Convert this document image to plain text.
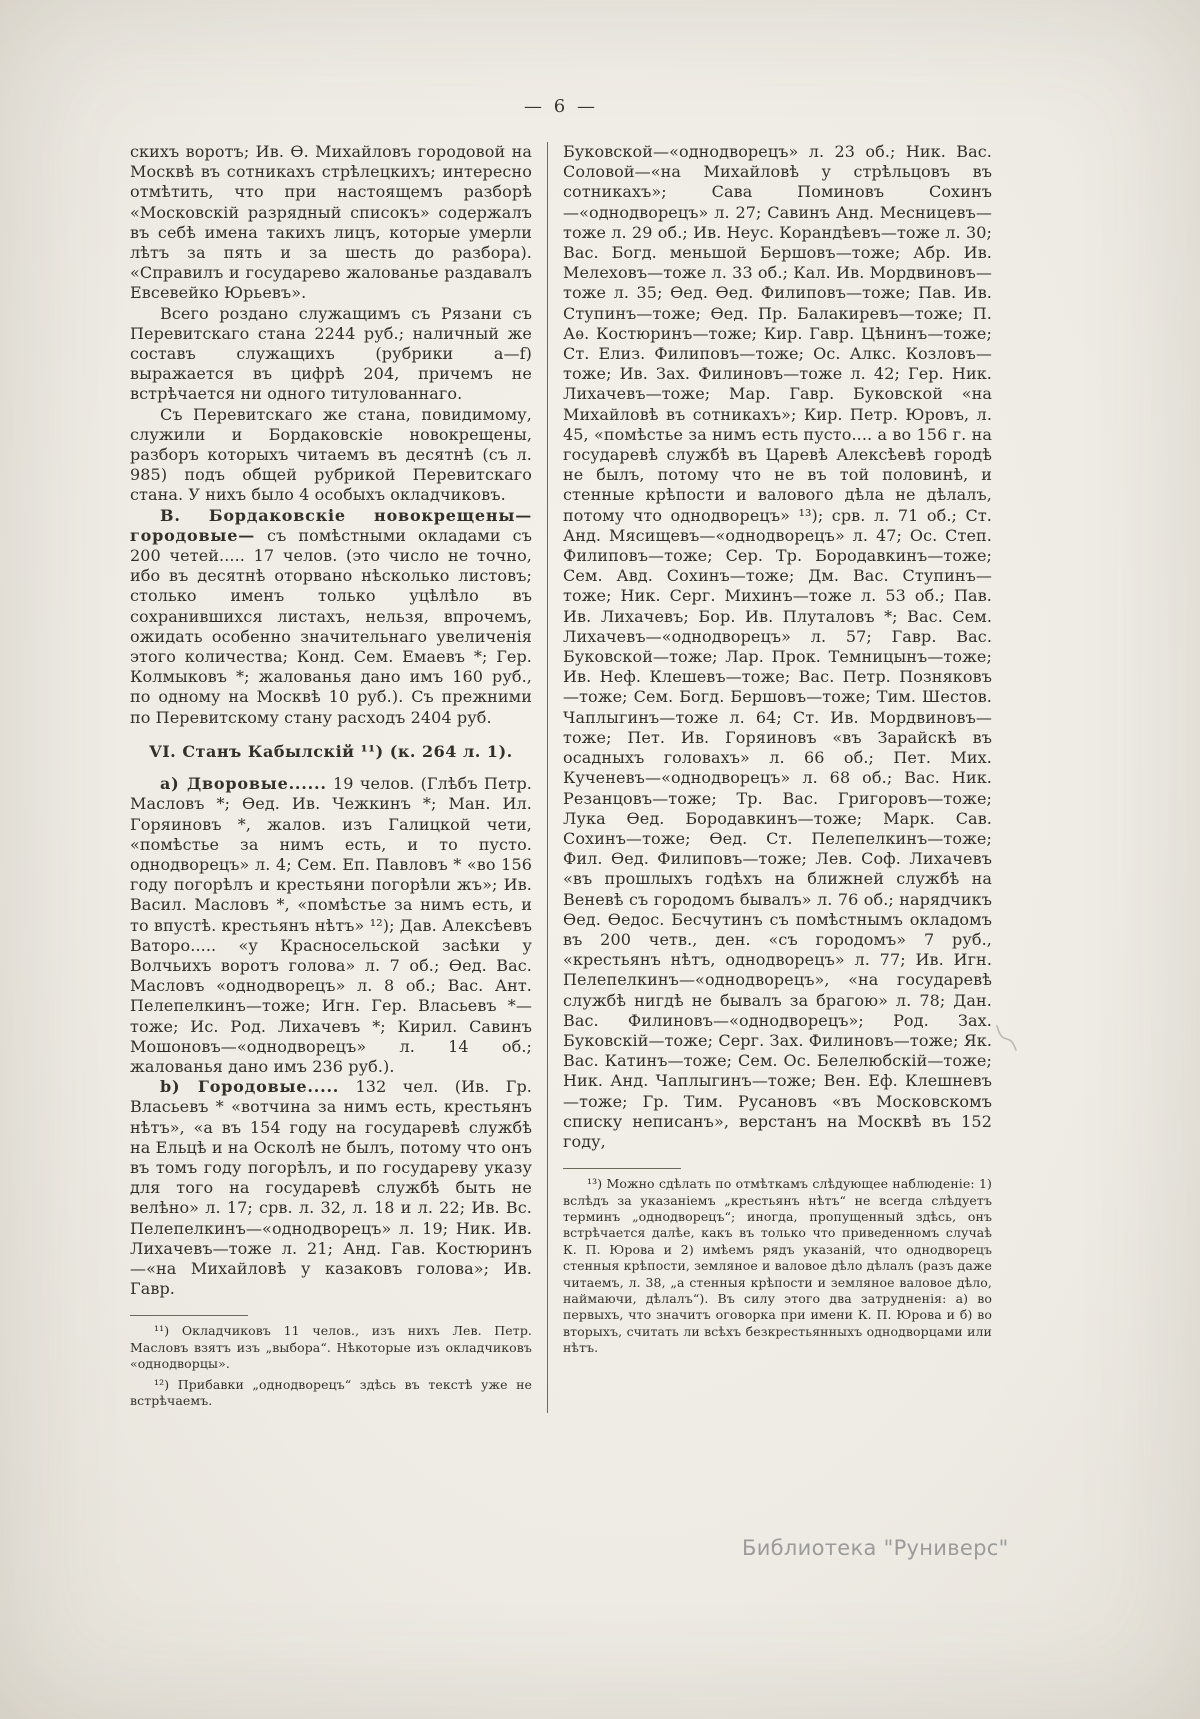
— 6 —

скихъ воротъ; Ив. Ѳ. Михайловъ городовой на Москвѣ въ сотникахъ стрѣлецкихъ; интересно отмѣтить, что при настоящемъ разборѣ «Московскій разрядный списокъ» содержалъ въ себѣ имена такихъ лицъ, которые умерли лѣтъ за пять и за шесть до разбора). «Справилъ и государево жалованье раздавалъ Евсевейко Юрьевъ».

Всего роздано служащимъ съ Рязани съ Перевитскаго стана 2244 руб.; наличный же составъ служащихъ (рубрики а—f) выражается въ цифрѣ 204, причемъ не встрѣчается ни одного титулованнаго.

Съ Перевитскаго же стана, повидимому, служили и Бордаковскіе новокрещены, разборъ которыхъ читаемъ въ десятнѣ (съ л. 985) подъ общей рубрикой Перевитскаго стана. У нихъ было 4 особыхъ окладчиковъ.

В. Бордаковскіе новокрещены—городовые— съ помѣстными окладами съ 200 четей..... 17 челов. (это число не точно, ибо въ десятнѣ оторвано нѣсколько листовъ; столько именъ только уцѣлѣло въ сохранившихся листахъ, нельзя, впрочемъ, ожидать особенно значительнаго увеличенія этого количества; Конд. Сем. Емаевъ *; Гер. Колмыковъ *; жалованья дано имъ 160 руб., по одному на Москвѣ 10 руб.). Съ прежними по Перевитскому стану расходъ 2404 руб.

VI. Станъ Кабылскій ¹¹) (к. 264 л. 1).

а) Дворовые...... 19 челов. (Глѣбъ Петр. Масловъ *; Ѳед. Ив. Чежкинъ *; Ман. Ил. Горяиновъ *, жалов. изъ Галицкой чети, «помѣстье за нимъ есть, и то пусто. однодворецъ» л. 4; Сем. Еп. Павловъ * «во 156 году погорѣлъ и крестьяни погорѣли жъ»; Ив. Васил. Масловъ *, «помѣстье за нимъ есть, и то впустѣ. крестьянъ нѣтъ» ¹²); Дав. Алексѣевъ Ваторо..... «у Красносельской засѣки у Волчьихъ воротъ голова» л. 7 об.; Ѳед. Вас. Масловъ «однодворецъ» л. 8 об.; Вас. Ант. Пелепелкинъ—тоже; Игн. Гер. Власьевъ *—тоже; Ис. Род. Лихачевъ *; Кирил. Савинъ Мошоновъ—«однодворецъ» л. 14 об.; жалованья дано имъ 236 руб.).

b) Городовые..... 132 чел. (Ив. Гр. Власьевъ * «вотчина за нимъ есть, крестьянъ нѣтъ», «а въ 154 году на государевѣ службѣ на Ельцѣ и на Осколѣ не былъ, потому что онъ въ томъ году погорѣлъ, и по государеву указу для того на государевѣ службѣ быть не велѣно» л. 17; срв. л. 32, л. 18 и л. 22; Ив. Вс. Пелепелкинъ—«однодворецъ» л. 19; Ник. Ив. Лихачевъ—тоже л. 21; Анд. Гав. Костюринъ—«на Михайловѣ у казаковъ голова»; Ив. Гавр.

¹¹) Окладчиковъ 11 челов., изъ нихъ Лев. Петр. Масловъ взятъ изъ „выбора“. Нѣкоторые изъ окладчиковъ «однодворцы».

¹²) Прибавки „однодворецъ“ здѣсь въ текстѣ уже не встрѣчаемъ.

Буковской—«однодворецъ» л. 23 об.; Ник. Вас. Соловой—«на Михайловѣ у стрѣльцовъ въ сотникахъ»; Сава Поминовъ Сохинъ—«однодворецъ» л. 27; Савинъ Анд. Месницевъ—тоже л. 29 об.; Ив. Неус. Корандѣевъ—тоже л. 30; Вас. Богд. меньшой Бершовъ—тоже; Абр. Ив. Мелеховъ—тоже л. 33 об.; Кал. Ив. Мордвиновъ—тоже л. 35; Ѳед. Ѳед. Филиповъ—тоже; Пав. Ив. Ступинъ—тоже; Ѳед. Пр. Балакиревъ—тоже; П. Аѳ. Костюринъ—тоже; Кир. Гавр. Цѣнинъ—тоже; Ст. Елиз. Филиповъ—тоже; Ос. Алкс. Козловъ—тоже; Ив. Зах. Филиновъ—тоже л. 42; Гер. Ник. Лихачевъ—тоже; Мар. Гавр. Буковской «на Михайловѣ въ сотникахъ»; Кир. Петр. Юровъ, л. 45, «помѣстье за нимъ есть пусто.... а во 156 г. на государевѣ службѣ въ Царевѣ Алексѣевѣ городѣ не былъ, потому что не въ той половинѣ, и стенные крѣпости и валового дѣла не дѣлалъ, потому что однодворецъ» ¹³); срв. л. 71 об.; Ст. Анд. Мясищевъ—«однодворецъ» л. 47; Ос. Степ. Филиповъ—тоже; Сер. Тр. Бородавкинъ—тоже; Сем. Авд. Сохинъ—тоже; Дм. Вас. Ступинъ—тоже; Ник. Серг. Михинъ—тоже л. 53 об.; Пав. Ив. Лихачевъ; Бор. Ив. Плуталовъ *; Вас. Сем. Лихачевъ—«однодворецъ» л. 57; Гавр. Вас. Буковской—тоже; Лар. Прок. Темницынъ—тоже; Ив. Неф. Клешевъ—тоже; Вас. Петр. Позняковъ—тоже; Сем. Богд. Бершовъ—тоже; Тим. Шестов. Чаплыгинъ—тоже л. 64; Ст. Ив. Мордвиновъ—тоже; Пет. Ив. Горяиновъ «въ Зарайскѣ въ осадныхъ головахъ» л. 66 об.; Пет. Мих. Кученевъ—«однодворецъ» л. 68 об.; Вас. Ник. Резанцовъ—тоже; Тр. Вас. Григоровъ—тоже; Лука Ѳед. Бородавкинъ—тоже; Марк. Сав. Сохинъ—тоже; Ѳед. Ст. Пелепелкинъ—тоже; Фил. Ѳед. Филиповъ—тоже; Лев. Соф. Лихачевъ «въ прошлыхъ годѣхъ на ближней службѣ на Веневѣ съ городомъ бывалъ» л. 76 об.; нарядчикъ Ѳед. Ѳедос. Бесчутинъ съ помѣстнымъ окладомъ въ 200 четв., ден. «съ городомъ» 7 руб., «крестьянъ нѣтъ, однодворецъ» л. 77; Ив. Игн. Пелепелкинъ—«однодворецъ», «на государевѣ службѣ нигдѣ не бывалъ за брагою» л. 78; Дан. Вас. Филиновъ—«однодворецъ»; Род. Зах. Буковскій—тоже; Серг. Зах. Филиновъ—тоже; Як. Вас. Катинъ—тоже; Сем. Ос. Белелюбскій—тоже; Ник. Анд. Чаплыгинъ—тоже; Вен. Еф. Клешневъ—тоже; Гр. Тим. Русановъ «въ Московскомъ списку неписанъ», верстанъ на Москвѣ въ 152 году,

¹³) Можно сдѣлать по отмѣткамъ слѣдующее наблюденіе: 1) вслѣдъ за указаніемъ „крестьянъ нѣтъ“ не всегда слѣдуетъ терминъ „однодворецъ“; иногда, пропущенный здѣсь, онъ встрѣчается далѣе, какъ въ только что приведенномъ случаѣ К. П. Юрова и 2) имѣемъ рядъ указаній, что однодворецъ стенныя крѣпости, земляное и валовое дѣло дѣлалъ (разъ даже читаемъ, л. 38, „а стенныя крѣпости и земляное валовое дѣло, наймаючи, дѣлалъ“). Въ силу этого два затрудненія: а) во первыхъ, что значитъ оговорка при имени К. П. Юрова и б) во вторыхъ, считать ли всѣхъ безкрестьянныхъ однодворцами или нѣтъ.

Библиотека "Руниверс"
